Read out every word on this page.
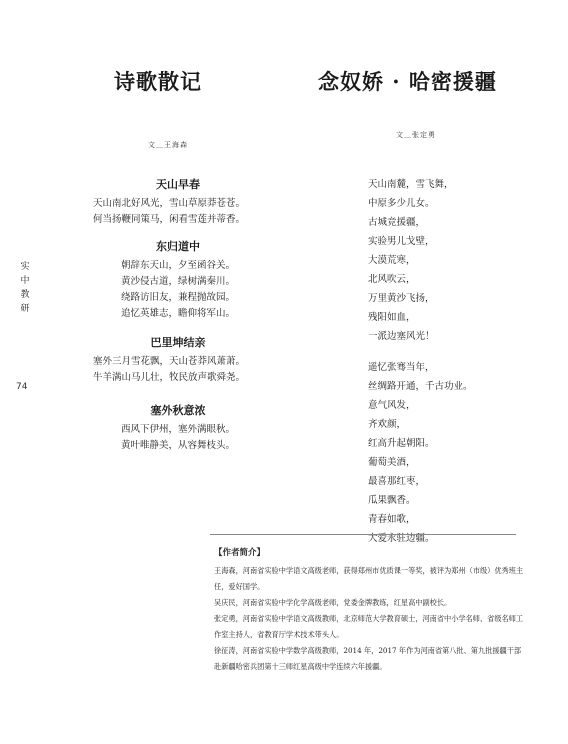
诗歌散记	念奴娇 · 哈密援疆
文＿王海森
文＿张定勇
实
中
教
研
74
天山早春
天山南北好风光，雪山草原莽苍苍。
何当扬鞭同策马，闲看雪莲并蒂香。
东归道中
朝辞东天山，夕至函谷关。
黄沙侵古道，绿树满秦川。
绕路访旧友，兼程抛故园。
追忆英雄志，瞻仰将军山。
巴里坤结亲
塞外三月雪花飘，天山苍莽风萧萧。
牛羊满山马儿壮，牧民放声歌舜尧。
塞外秋意浓
西风下伊州，塞外满眼秋。
黄叶唯静美，从容舞枝头。
天山南麓，雪飞舞，
中原多少儿女。
古城竞援疆，
实验男儿戈壁，
大漠荒寒，
北风吹云，
万里黄沙飞扬，
残阳如血，
一派边塞风光！
遥忆张骞当年，
丝绸路开通，千古功业。
意气风发，
齐欢颜，
红高升起朝阳。
葡萄美酒，
最喜那红枣，
瓜果飘香。
青春如歌，
大爱永驻边疆。
【作者简介】

王海森，河南省实验中学语文高级老师，获得郑州市优质课一等奖，被评为郑州（市级）优秀班主任，爱好国学。

吴庆民，河南省实验中学化学高级老师，党委金牌教练，红星高中副校长。

张定勇，河南省实验中学语文高级教师，北京师范大学教育硕士，河南省中小学名师、省级名师工作室主持人，省教育厅学术技术带头人。

徐征涛，河南省实验中学数学高级教师，2014 年，2017 年作为河南省第八批、第九批援疆干部赴新疆哈密兵团第十三师红星高级中学连续六年援疆。
